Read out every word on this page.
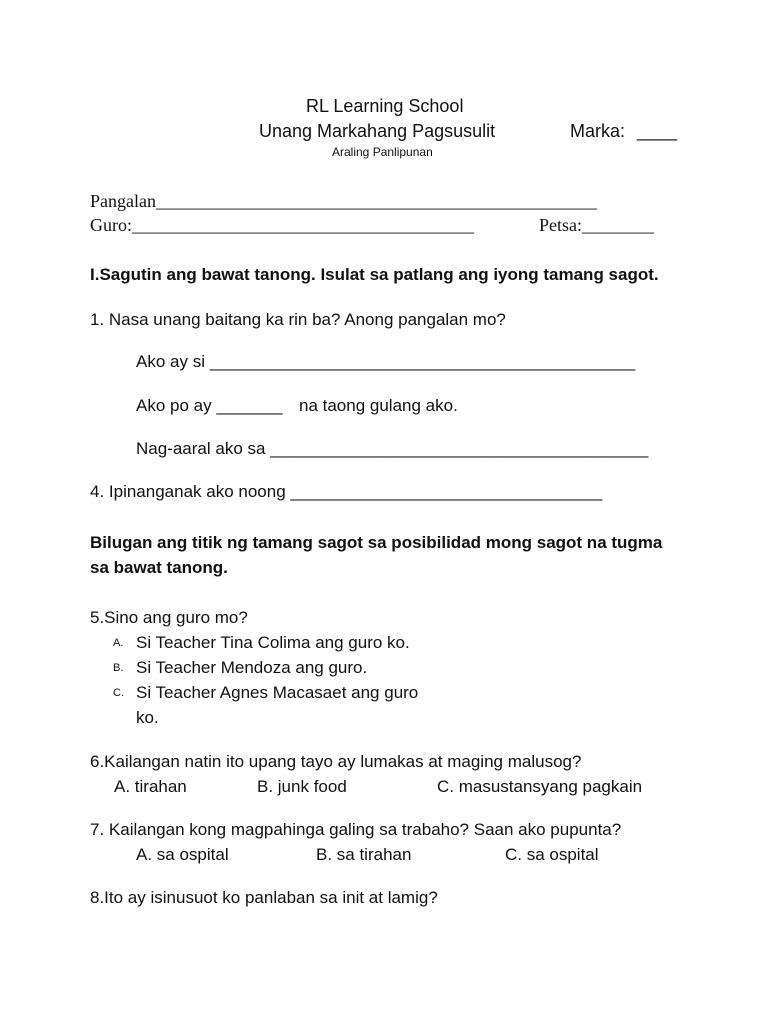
RL Learning School
Unang Markahang Pagsusulit	Marka: ____
Araling Panlipunan
Pangalan_________________________________________________
Guro:______________________________________	Petsa:________
I.Sagutin ang bawat tanong. Isulat sa patlang ang iyong tamang sagot.
1. Nasa unang baitang ka rin ba? Anong pangalan mo?
Ako ay si _____________________________________________
Ako po ay _______ na taong gulang ako.
Nag-aaral ako sa ________________________________________
4. Ipinanganak ako noong _________________________________
Bilugan ang titik ng tamang sagot sa posibilidad mong sagot na tugma
sa bawat tanong.
5.Sino ang guro mo?
A. Si Teacher Tina Colima ang guro ko.
B. Si Teacher Mendoza ang guro.
C. Si Teacher Agnes Macasaet ang guro
ko.
6.Kailangan natin ito upang tayo ay lumakas at maging malusog?
A. tirahan	B. junk food	C. masustansyang pagkain
7. Kailangan kong magpahinga galing sa trabaho? Saan ako pupunta?
A. sa ospital	B. sa tirahan	C. sa ospital
8.Ito ay isinusuot ko panlaban sa init at lamig?
